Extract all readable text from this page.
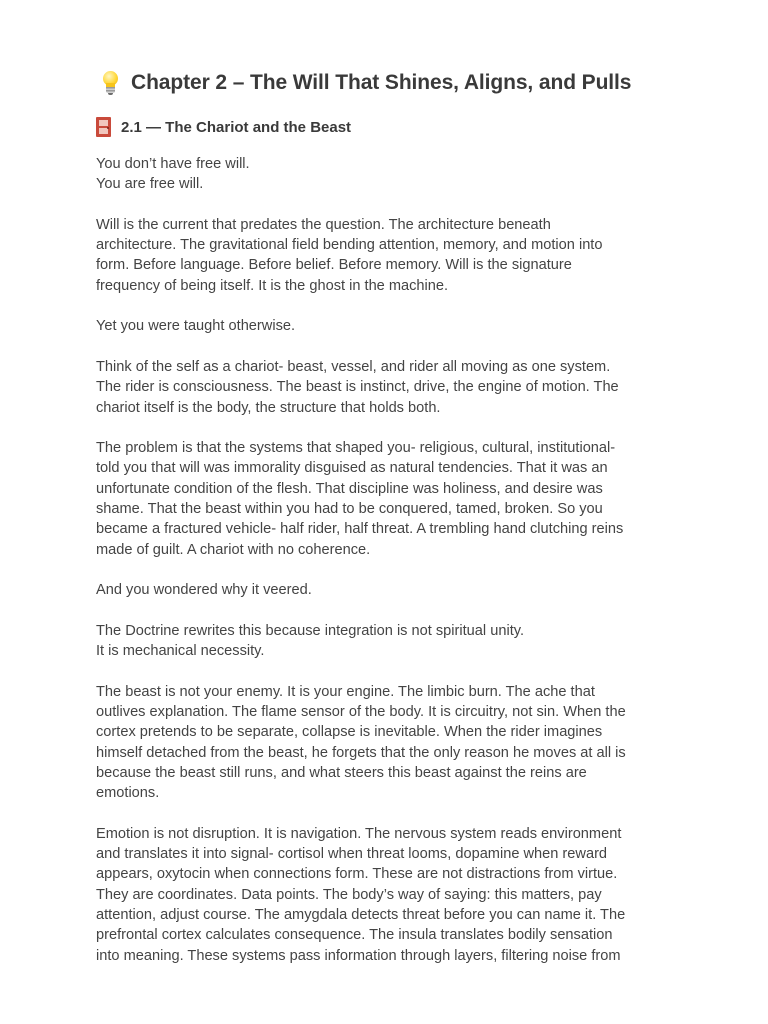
Chapter 2 – The Will That Shines, Aligns, and Pulls
2.1 — The Chariot and the Beast

You don’t have free will.
You are free will.

Will is the current that predates the question. The architecture beneath
architecture. The gravitational field bending attention, memory, and motion into
form. Before language. Before belief. Before memory. Will is the signature
frequency of being itself. It is the ghost in the machine.

Yet you were taught otherwise.

Think of the self as a chariot- beast, vessel, and rider all moving as one system.
The rider is consciousness. The beast is instinct, drive, the engine of motion. The
chariot itself is the body, the structure that holds both.

The problem is that the systems that shaped you- religious, cultural, institutional-
told you that will was immorality disguised as natural tendencies. That it was an
unfortunate condition of the flesh. That discipline was holiness, and desire was
shame. That the beast within you had to be conquered, tamed, broken. So you
became a fractured vehicle- half rider, half threat. A trembling hand clutching reins
made of guilt. A chariot with no coherence.

And you wondered why it veered.

The Doctrine rewrites this because integration is not spiritual unity.
It is mechanical necessity.

The beast is not your enemy. It is your engine. The limbic burn. The ache that
outlives explanation. The flame sensor of the body. It is circuitry, not sin. When the
cortex pretends to be separate, collapse is inevitable. When the rider imagines
himself detached from the beast, he forgets that the only reason he moves at all is
because the beast still runs, and what steers this beast against the reins are
emotions.

Emotion is not disruption. It is navigation. The nervous system reads environment
and translates it into signal- cortisol when threat looms, dopamine when reward
appears, oxytocin when connections form. These are not distractions from virtue.
They are coordinates. Data points. The body’s way of saying: this matters, pay
attention, adjust course. The amygdala detects threat before you can name it. The
prefrontal cortex calculates consequence. The insula translates bodily sensation
into meaning. These systems pass information through layers, filtering noise from
